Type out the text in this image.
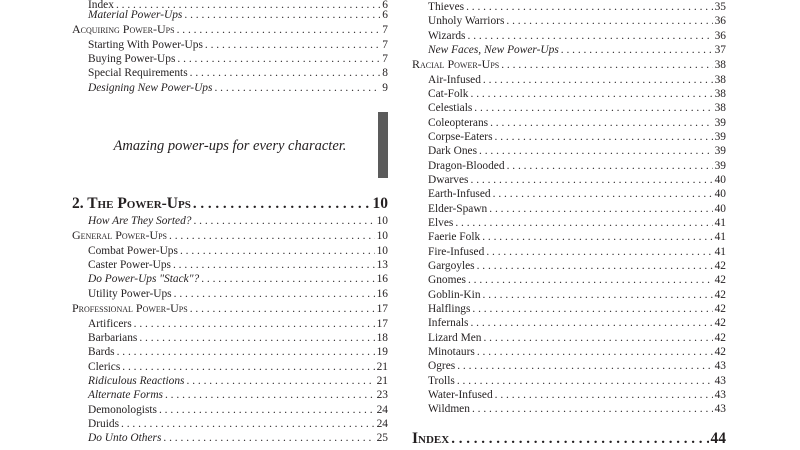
Index . . .	6
Material Power-Ups . . .	6
Acquiring Power-Ups . . .	7
Starting With Power-Ups . . .	7
Buying Power-Ups . . .	7
Special Requirements . . .	8
Designing New Power-Ups . . .	9
Amazing power-ups for every character.
2. The Power-Ups . . .	10
How Are They Sorted? . . .	10
General Power-Ups . . .	10
Combat Power-Ups . . .	10
Caster Power-Ups . . .	13
Do Power-Ups "Stack"? . . .	16
Utility Power-Ups . . .	16
Professional Power-Ups . . .	17
Artificers . . .	17
Barbarians . . .	18
Bards . . .	19
Clerics . . .	21
Ridiculous Reactions . . .	21
Alternate Forms . . .	23
Demonologists . . .	24
Druids . . .	24
Do Unto Others . . .	25
Thieves . . .	35
Unholy Warriors . . .	36
Wizards . . .	36
New Faces, New Power-Ups . . .	37
Racial Power-Ups . . .	38
Air-Infused . . .	38
Cat-Folk . . .	38
Celestials . . .	38
Coleopterans . . .	39
Corpse-Eaters . . .	39
Dark Ones . . .	39
Dragon-Blooded . . .	39
Dwarves . . .	40
Earth-Infused . . .	40
Elder-Spawn . . .	40
Elves . . .	41
Faerie Folk . . .	41
Fire-Infused . . .	41
Gargoyles . . .	42
Gnomes . . .	42
Goblin-Kin . . .	42
Halflings . . .	42
Infernals . . .	42
Lizard Men . . .	42
Minotaurs . . .	42
Ogres . . .	43
Trolls . . .	43
Water-Infused . . .	43
Wildmen . . .	43
Index . . .	44
